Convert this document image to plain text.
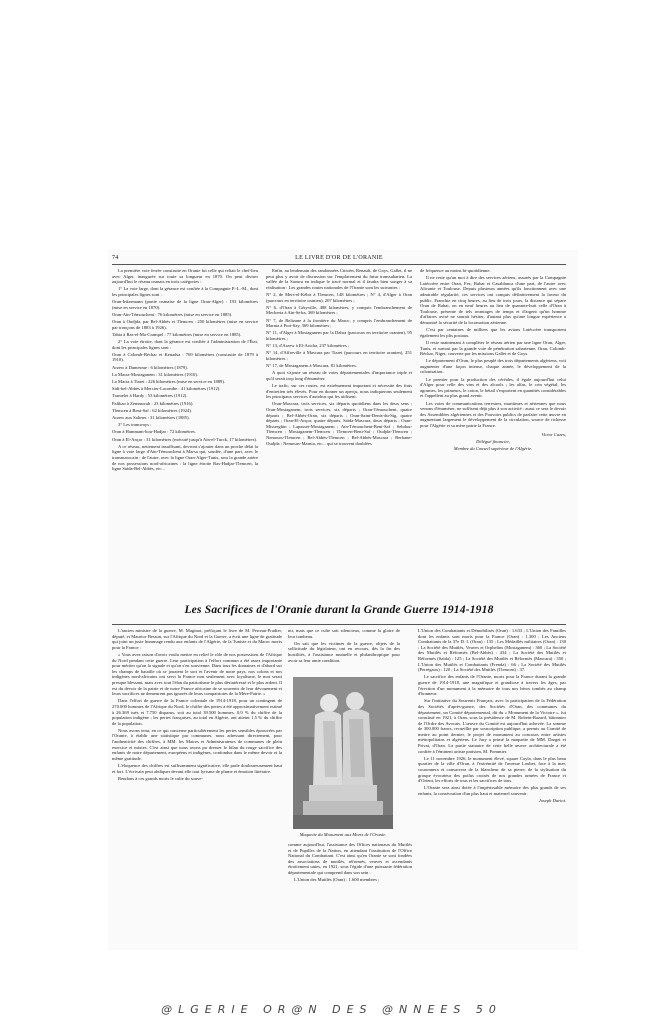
74	LE LIVRE D'OR DE L'ORANIE

La première voie ferrée construite en Oranie fut celle qui reliait le chef-lieu avec Alger, inaugurée sur toute sa longueur en 1870. On peut diviser aujourd'hui le réseau oranais en trois catégories :

1° La voie large, dont la gérance est confiée à la Compagnie P.-L.-M., dont les principales lignes sont :

Oran-Inkermann (partie oranaise de la ligne Oran-Alger) : 193 kilomètres (mise en service en 1870).

Oran-Aïn-Témouchent : 76 kilomètres (mise en service en 1885).

Oran à Oudjda, par Bel-Abbès et Tlemcen : 250 kilomètres (mise en service par tronçons de 1883 à 1926).

Tabia à Ras-el-Ma-Crampel : 77 kilomètres (mise en service en 1885).

2° La voie étroite, dont la gérance est confiée à l'administration de l'État, dont les principales lignes sont :

Oran à Colomb-Béchar et Kenadsa : 769 kilomètres (construite de 1879 à 1910).

Arzew à Damesme : 6 kilomètres (1879).

La Macta-Mostaganem : 31 kilomètres (1910).

La Macta à Tiaret : 226 kilomètres (mise en service en 1889).

Sidi-bel-Abbès à Mercier-Lacombe : 41 kilomètres (1912).

Tramelet à Hardy : 53 kilomètres (1912).

Palikao à Zemmorah : 23 kilomètres (1916).

Tlemcen à Beni-Saf : 62 kilomètres (1924).

Arzew aux Salines : 31 kilomètres (1885).

3° Les tramways :

Oran à Hammam-bou-Hadjar : 72 kilomètres.

Oran à El-Ançor : 31 kilomètres (exécuté jusqu'à Aïn-el-Turck, 17 kilomètres).

A ce réseau, nettement insuffisant, devront s'ajouter dans un proche délai la ligne à voie large d'Aïn-Témouchent à Marsa qui, soudée, d'une part, avec le transmarocain ; de l'autre, avec la ligne Oran-Alger-Tunis, sera la grande artère de nos possessions nord-africaines : la ligne étroite Ras-Hadjar-Tlemcen, la ligne Saïda-Bel-Abbès, etc...

Enfin, au lendemain des randonnées Citroën, Renault, de Goys, Gallet, il ne peut plus y avoir de discussion sur l'emplacement du futur transsaharien. La vallée de la Saoura en indique le tracé normal et il faudra bien songer à sa réalisation : Les grandes routes nationales de l'Oranie sont les suivantes :

N° 2, de Mers-el-Kébir à Tlemcen, 148 kilomètres ; N° 4, d'Alger à Oran (parcours en territoire oranien), 207 kilomètres ;

N° 6, d'Oran à Géryville, 488 kilomètres, y compris l'embranchement de Mecheria à Aïn-Sefra, 369 kilomètres ;

N° 7, de Relizane à la frontière du Maroc, y compris l'embranchement de Marnia à Port-Say, 369 kilomètres ;

N° 11, d'Alger à Mostaganem par la Dahra (parcours en territoire oranien), 95 kilomètres ;

N° 13, d'Arzew à El-Aricha, 237 kilomètres ;

N° 14, d'Affreville à Mascara par Tiaret (parcours en territoire oranien), 251 kilomètres ;

N° 17, de Mostaganem à Mascara, 81 kilomètres.

A quoi s'ajoute un réseau de voies départementales d'importance triple et qu'il serait trop long d'énumérer.

Le trafic, sur ces routes, est extrêmement important et nécessite des frais d'entretien très élevés. Pour en donner un aperçu, nous indiquerons seulement les principaux services d'autobus qui les utilisent.

Oran-Mascara, trois services, six départs quotidiens dans les deux sens ; Oran-Mostaganem, trois services, six départs ; Oran-Témouchent, quatre départs ; Bel-Abbès-Oran, six départs ; Oran-Saint-Denis-du-Sig, quatre départs ; Oran-El-Ançor, quatre départs, Saïda-Mascara, deux départs ; Oran-Misserghin ; Lapasset-Mostaganem ; Aïn-Témouchent-Beni-Saf ; Sebdou-Tlemcen ; Mostaganem-Tlemcen ; Tlemcen-Beni-Saf ; Oudjda-Tlemcen ; Nemours-Tlemcen ; Bel-Abbès-Tlemcen ; Bel-Abbès-Mascara ; Berkane-Oudjda ; Nemours-Marnia, etc... qui se trouvent doublées

de fréquence au moins bi-quotidienne.

Il ne reste qu'un mot à dire des services aériens, assurés par la Compagnie Latécoère entre Oran, Fez, Rabat et Casablanca d'une part, de l'autre avec Alicante et Toulouse. Depuis plusieurs années qu'ils fonctionnent avec une admirable régularité, ces services ont conquis définitivement la faveur du public. Franchie en cinq heures, au lieu de trois jours, la distance qui sépare Oran de Rabat, on en neuf heures au lieu de quarante-huit celle d'Oran à Toulouse, présente de tels avantages de temps et d'argent qu'un homme d'affaires avisé ne saurait hésiter, d'autant plus qu'une longue expérience a démontré la sécurité de la locomotion aérienne.

C'est par centaines de milliers que les avions Latécoère transportent également les plis postaux.

Il reste maintenant à compléter le réseau aérien par une ligne Oran, Alger, Tunis, et surtout par la grande voie de pénétration saharienne, Oran, Colomb-Béchar, Niger, couverte par les missions Gallet et de Goys.

Le département d'Oran, le plus peuplé des trois départements algériens, voit augmenter d'une façon intense, chaque année, le développement de la colonisation.

Le premier pour la production des céréales, il égale aujourd'hui celui d'Alger pour celle des vins et des alcools ; les alfas, le crin végétal, les agrumes, les primeurs, le coton, le bétail s'exportent en quantités considérables et l'appellent au plus grand avenir.

Les voies de communications terrestres, maritimes et aériennes que nous venons d'énumérer, ne suffisent déjà plus à son activité : aussi ce sera le devoir des Assemblées algériennes et des Pouvoirs publics de parfaire cette œuvre en augmentant largement le développement de la circulation, source de richesse pour l'Algérie et sa mère patrie la France.

Victor Cazes,

Délégué financier,

Membre du Conseil supérieur de l'Algérie.

Les Sacrifices de l'Oranie durant la Grande Guerre 1914-1918

L'ancien ministre de la guerre, M. Maginot, préfaçant le livre de M. Perreau-Pradier, député, et Maurice Besson, sur l'Afrique du Nord et la Guerre, a écrit une ligne de gratitude qui joint un juste hommage rendu aux enfants de l'Algérie, de la Tunisie et du Maroc morts pour la France :

« Vous avez raison d'avoir voulu mettre en relief le rôle de nos possessions de l'Afrique du Nord pendant cette guerre. Leur participation à l'effort commun a été assez importante pour mériter qu'on la signale et qu'on s'en souvienne. Dans tous les domaines et d'abord sur les champs de bataille où se jouaient le sort et l'avenir de notre pays, nos colons et nos indigènes nord-africains ont servi la France non seulement avec loyalisme, le mot serait presque blessant, mais avec tout l'élan du patriotisme le plus désintéressé et le plus ardent. Il est du devoir de la patrie et de notre France africaine de se souvenir de leur dévouement et leurs sacrifices ne demeurent pas ignorés de leurs compatriotes de la Mère-Patrie. »

Dans l'effort de guerre de la France coloniale de 1914-1918, pour un contingent de 270.000 hommes de l'Afrique du Nord, le chiffre des pertes a été approximativement estimé à 26.369 tués et 7.750 disparus, soit au total 39.500 hommes, 0,9 % du chiffre de la population indigène ; les pertes françaises, au total en Algérie, ont atteint 1,5 % du chiffre de la population.

Nous avons tenu, en ce qui concerne particulièrement les pertes sensibles éprouvées par l'Oranie, à établir une statistique par communes, nous adressant directement, pour l'authenticité des chiffres, à MM. les Maires et Administrateurs de communes de plein exercice et mixtes. C'est ainsi que nous avons pu dresser le bilan du rouge sacrifice des enfants de notre département, européens et indigènes, confondus dans le même devoir et la même gratitude.

L'éloquence des chiffres est suffisamment significative, elle parle douloureusement haut et fort. L'écrivain peut abdiquer devant elle tout lyrisme de plume et émotion littéraire.

Rendons à ces grands morts le culte du souve-

nir, mais que ce culte soit silencieux, comme la gloire de leur tombeau.

On sait que les victimes de la guerre, objets de la sollicitude du législateur, ont en recours, dès la fin des hostilités, à l'assistance mutuelle et philanthropique pour avoir sa leur amie condition.

Maquette du Monument aux Morts de l'Oranie.

comme aujourd'hui, l'assistance des Offices nationaux du Mutilés et de Pupilles de la Nation, en attendant l'institution de l'Office National du Combattant. C'est ainsi qu'en Oranie se sont fondées des associations de mutilés, réformés, veuves et ascendants étroitement unies, en 1921, sous l'égide d'une puissante fédération départementale qui comprend dans son sein :

L'Union des Mutilés (Oran) : 1.600 membres ;

L'Union des Combattants et Démobilisés (Oran) : 1.633 ; L'Union des Familles dont les enfants sont morts pour la France (Oran) : 1.300 ; Les Anciens Combattants de la 37e D. I. (Oran) : 135 ; Les Médaillés militaires (Oran) : 130 ; La Société des Mutilés, Veuves et Orphelins (Mostaganem) : 360 ; La Société des Mutilés et Réformés (Bel-Abbès) : 434 ; La Société des Mutilés et Réformés (Saïda) : 125 ; La Société des Mutilés et Réformés (Mascara) : 350 ; L'Union des Mutilés et Combattants (Frenda) : 66 ; La Société des Mutilés (Perrégaux) : 120 ; La Société des Mutilés (Tlemcen) : 37.

Le sacrifice des enfants de l'Oranie, morts pour la France durant la grande guerre de 1914-1918, une magnifique et grandiose à travers les âges, par l'érection d'un monument à la mémoire de tous nos héros tombés au champ d'honneur.

Sur l'initiative du Souvenir Français, avec la participation de la Fédération des Sociétés d'après-guerre, des Sociétés d'Oran, des communes du département, un Comité départemental, dit du « Monument de la Victoire », fut constitué en 1921, à Oran, sous la présidence de M. Robein-Bazard, bâtonnier de l'Ordre des Avocats. L'œuvre du Comité est aujourd'hui achevée. La somme de 300.000 francs, recueillie par souscription publique, a permis au Comité de mettre au point dernier, le projet de monument au concours entre artistes métropolitains et algériens. Le Jury a primé la maquette de MM. Darget et Privat, d'Oran. La partie statuaire de cette belle œuvre architecturale a été confiée à l'éminent artiste parisien, M. Pommier.

Le 11 novembre 1926, le monument élevé, square Cayla, dans le plus beau quartier de la ville d'Oran, à l'extrémité de l'avenue Loubet, face à la mer, couronnera et consacrera de la blancheur de sa pierre, de la stylisation du groupe évocateur des poilus croisés de nos grandes armées de France et d'Orient, les efforts de tous et les sacrifices de tous.

L'Oranie sera ainsi dotée à l'impérissable mémoire des plus grands de ses enfants, la consécration d'un plus haut et maternel souvenir.

Joseph Dariot.

@LGERIE OR@N DES @NNEES 50
